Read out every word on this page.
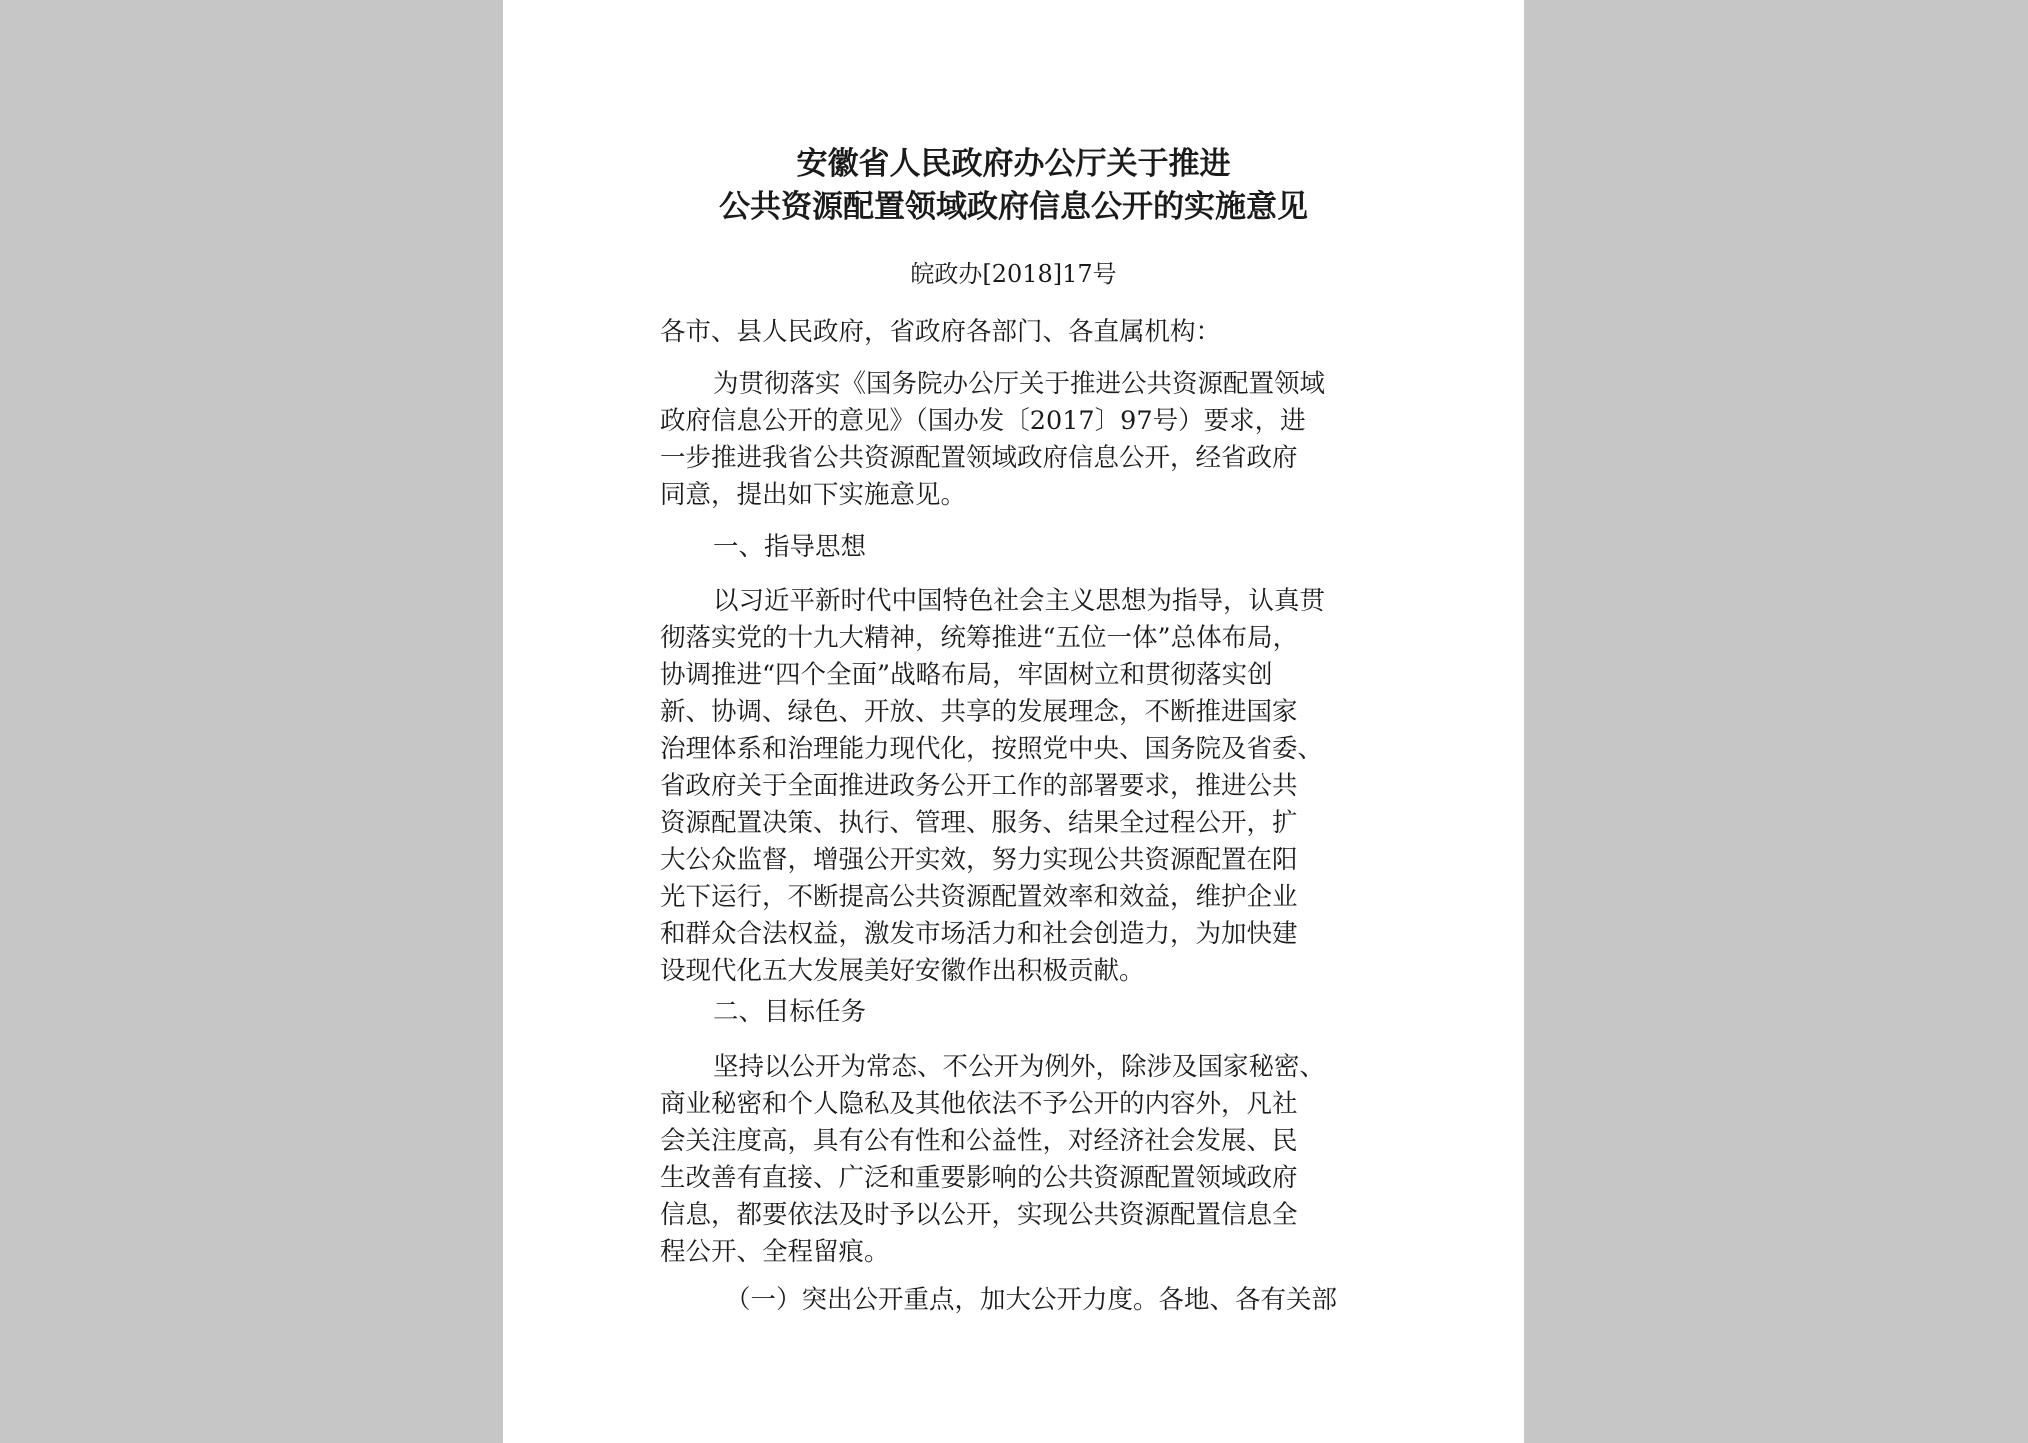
安徽省人民政府办公厅关于推进
公共资源配置领域政府信息公开的实施意见
皖政办[2018]17号
各市、县人民政府，省政府各部门、各直属机构：
为贯彻落实《国务院办公厅关于推进公共资源配置领域
政府信息公开的意见》（国办发〔2017〕97号）要求，进
一步推进我省公共资源配置领域政府信息公开，经省政府
同意，提出如下实施意见。
一、指导思想
以习近平新时代中国特色社会主义思想为指导，认真贯
彻落实党的十九大精神，统筹推进“五位一体”总体布局，
协调推进“四个全面”战略布局，牢固树立和贯彻落实创
新、协调、绿色、开放、共享的发展理念，不断推进国家
治理体系和治理能力现代化，按照党中央、国务院及省委、
省政府关于全面推进政务公开工作的部署要求，推进公共
资源配置决策、执行、管理、服务、结果全过程公开，扩
大公众监督，增强公开实效，努力实现公共资源配置在阳
光下运行，不断提高公共资源配置效率和效益，维护企业
和群众合法权益，激发市场活力和社会创造力，为加快建
设现代化五大发展美好安徽作出积极贡献。
二、目标任务
坚持以公开为常态、不公开为例外，除涉及国家秘密、
商业秘密和个人隐私及其他依法不予公开的内容外，凡社
会关注度高，具有公有性和公益性，对经济社会发展、民
生改善有直接、广泛和重要影响的公共资源配置领域政府
信息，都要依法及时予以公开，实现公共资源配置信息全
程公开、全程留痕。
（一）突出公开重点，加大公开力度。各地、各有关部
